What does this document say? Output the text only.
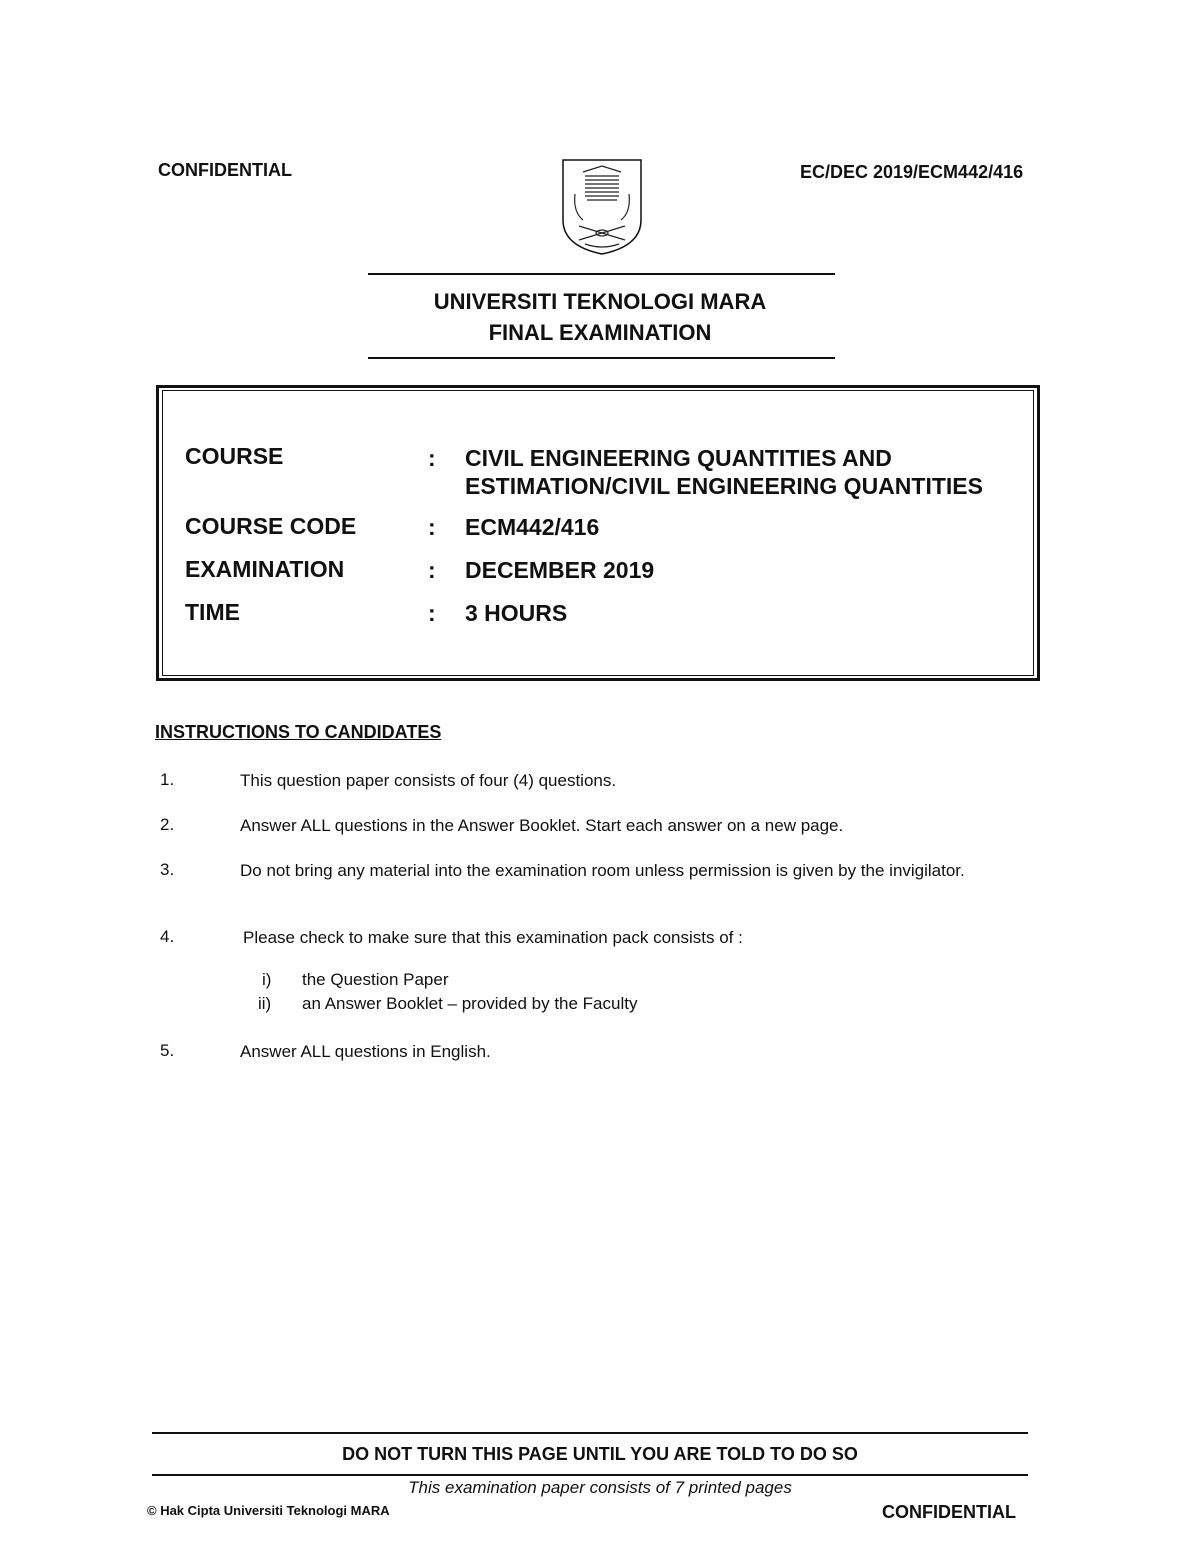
CONFIDENTIAL	EC/DEC 2019/ECM442/416
UNIVERSITI TEKNOLOGI MARA
FINAL EXAMINATION
COURSE	: CIVIL ENGINEERING QUANTITIES AND
ESTIMATION/CIVIL ENGINEERING QUANTITIES
COURSE CODE	: ECM442/416
EXAMINATION	: DECEMBER 2019
TIME	: 3 HOURS
INSTRUCTIONS TO CANDIDATES
1.	This question paper consists of four (4) questions.
2.	Answer ALL questions in the Answer Booklet. Start each answer on a new page.
3.	Do not bring any material into the examination room unless permission is given by the invigilator.
4.	Please check to make sure that this examination pack consists of :
i) the Question Paper
ii) an Answer Booklet – provided by the Faculty
5.	Answer ALL questions in English.
DO NOT TURN THIS PAGE UNTIL YOU ARE TOLD TO DO SO
This examination paper consists of 7 printed pages
© Hak Cipta Universiti Teknologi MARA	CONFIDENTIAL
